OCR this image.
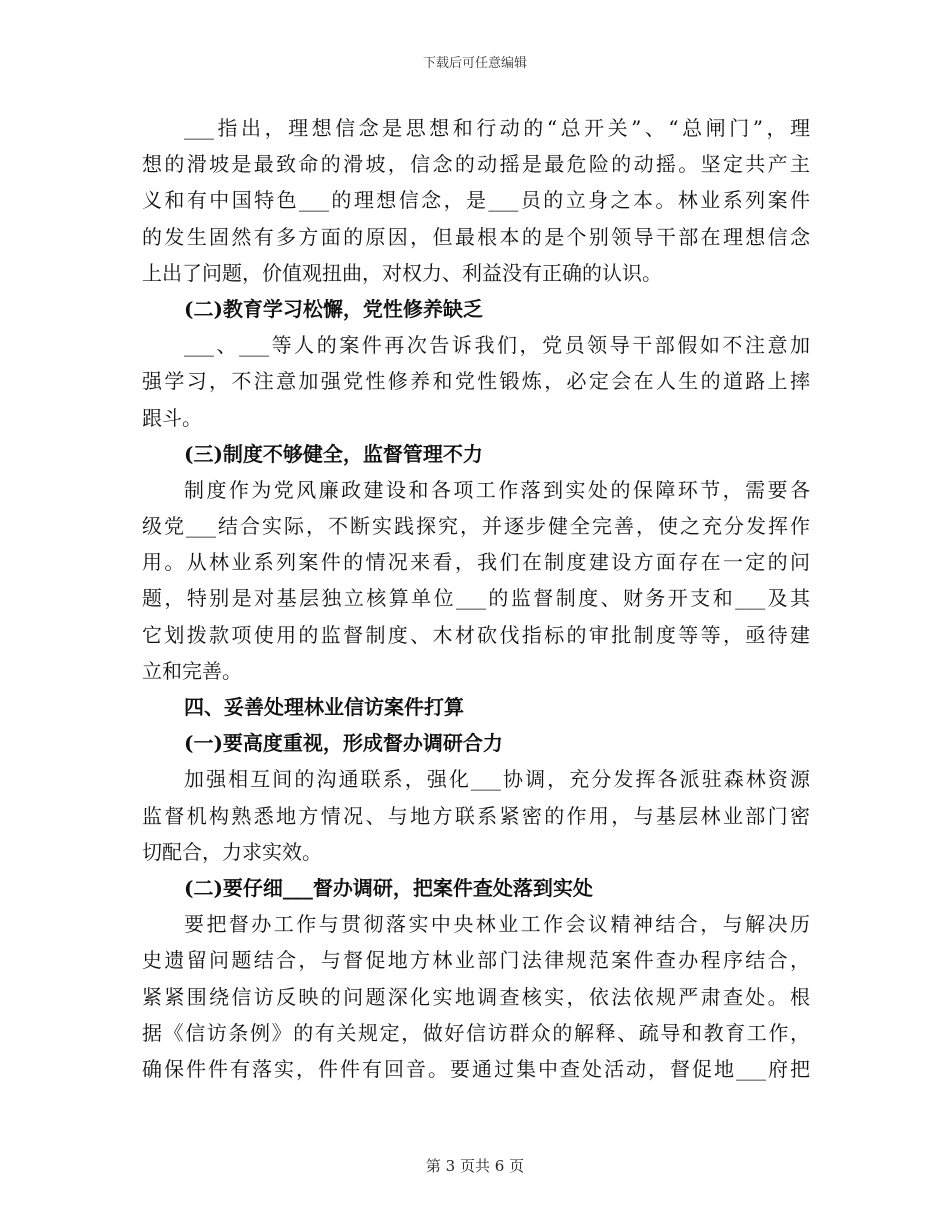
下载后可任意编辑
___指出，理想信念是思想和行动的“总开关”、“总闸门”，理
想的滑坡是最致命的滑坡，信念的动摇是最危险的动摇。坚定共产主
义和有中国特色___的理想信念，是___员的立身之本。林业系列案件
的发生固然有多方面的原因，但最根本的是个别领导干部在理想信念
上出了问题，价值观扭曲，对权力、利益没有正确的认识。
(二)教育学习松懈，党性修养缺乏
___、___等人的案件再次告诉我们，党员领导干部假如不注意加
强学习，不注意加强党性修养和党性锻炼，必定会在人生的道路上摔
跟斗。
(三)制度不够健全，监督管理不力
制度作为党风廉政建设和各项工作落到实处的保障环节，需要各
级党___结合实际，不断实践探究，并逐步健全完善，使之充分发挥作
用。从林业系列案件的情况来看，我们在制度建设方面存在一定的问
题，特别是对基层独立核算单位___的监督制度、财务开支和___及其
它划拨款项使用的监督制度、木材砍伐指标的审批制度等等，亟待建
立和完善。
四、妥善处理林业信访案件打算
(一)要高度重视，形成督办调研合力
加强相互间的沟通联系，强化___协调，充分发挥各派驻森林资源
监督机构熟悉地方情况、与地方联系紧密的作用，与基层林业部门密
切配合，力求实效。
(二)要仔细___督办调研，把案件查处落到实处
要把督办工作与贯彻落实中央林业工作会议精神结合，与解决历
史遗留问题结合，与督促地方林业部门法律规范案件查办程序结合，
紧紧围绕信访反映的问题深化实地调查核实，依法依规严肃查处。根
据《信访条例》的有关规定，做好信访群众的解释、疏导和教育工作，
确保件件有落实，件件有回音。要通过集中查处活动，督促地___府把
第 3 页共 6 页
